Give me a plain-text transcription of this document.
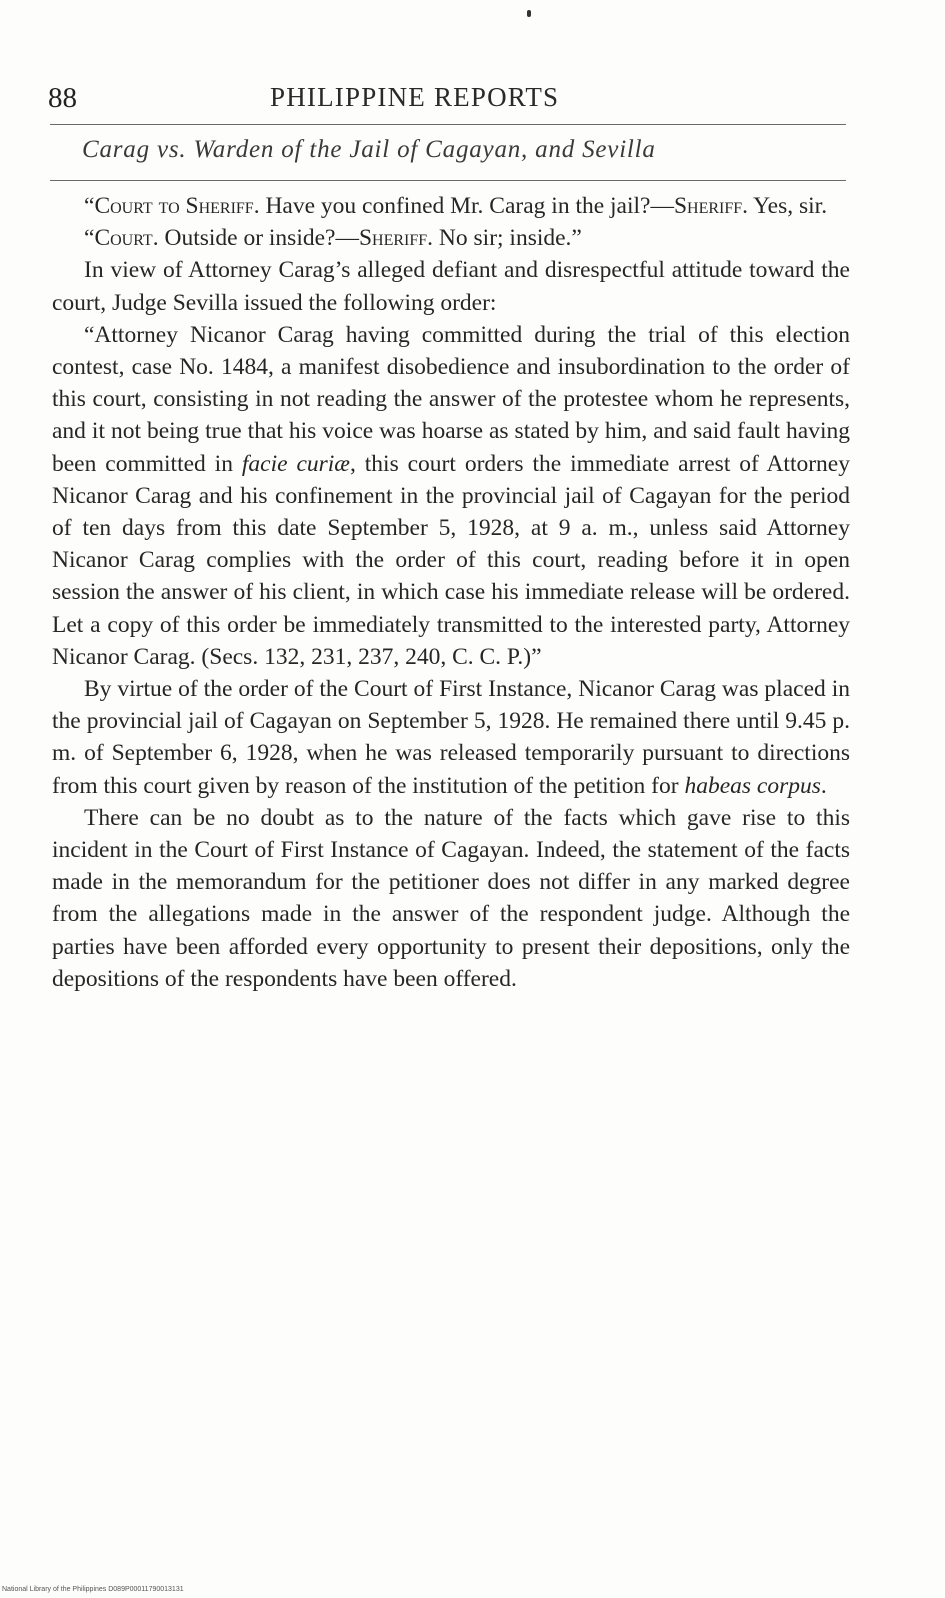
88	PHILIPPINE REPORTS
Carag vs. Warden of the Jail of Cagayan, and Sevilla

“Court to Sheriff. Have you confined Mr. Carag in the jail?—Sheriff. Yes, sir.

“Court. Outside or inside?—Sheriff. No sir; inside.”

In view of Attorney Carag’s alleged defiant and disrespectful attitude toward the court, Judge Sevilla issued the following order:

“Attorney Nicanor Carag having committed during the trial of this election contest, case No. 1484, a manifest disobedience and insubordination to the order of this court, consisting in not reading the answer of the protestee whom he represents, and it not being true that his voice was hoarse as stated by him, and said fault having been committed in facie curiæ, this court orders the immediate arrest of Attorney Nicanor Carag and his confinement in the provincial jail of Cagayan for the period of ten days from this date September 5, 1928, at 9 a. m., unless said Attorney Nicanor Carag complies with the order of this court, reading before it in open session the answer of his client, in which case his immediate release will be ordered. Let a copy of this order be immediately transmitted to the interested party, Attorney Nicanor Carag. (Secs. 132, 231, 237, 240, C. C. P.)”

By virtue of the order of the Court of First Instance, Nicanor Carag was placed in the provincial jail of Cagayan on September 5, 1928. He remained there until 9.45 p. m. of September 6, 1928, when he was released temporarily pursuant to directions from this court given by reason of the institution of the petition for habeas corpus.

There can be no doubt as to the nature of the facts which gave rise to this incident in the Court of First Instance of Cagayan. Indeed, the statement of the facts made in the memorandum for the petitioner does not differ in any marked degree from the allegations made in the answer of the respondent judge. Although the parties have been afforded every opportunity to present their depositions, only the depositions of the respondents have been offered.

National Library of the Philippines D089P00011790013131
